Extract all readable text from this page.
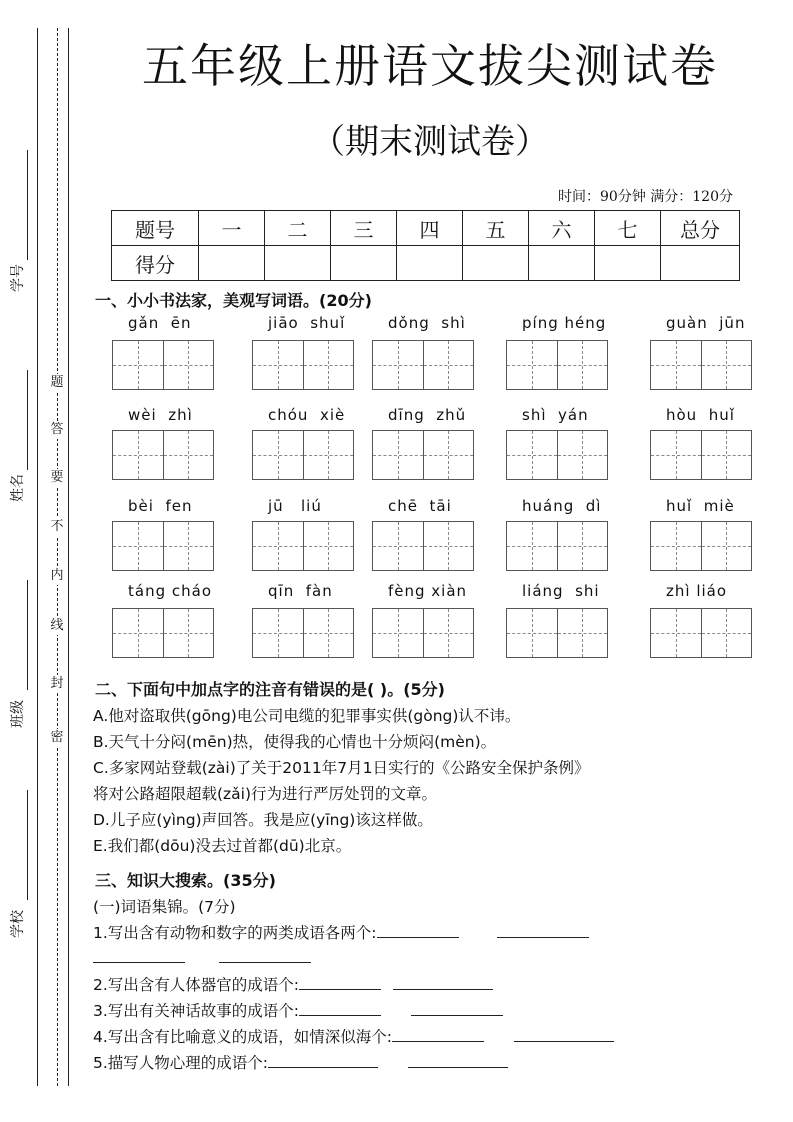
题
答
要
不
内
线
封
密
学号
姓名
班级
学校
五年级上册语文拔尖测试卷
（期末测试卷）
时间：90分钟 满分：120分
题号	一	二	三	四	五	六	七	总分
得分								
一、小小书法家，美观写词语。(20分)
gǎn  ēn	jiāo  shuǐ	dǒng  shì	píng héng	guàn  jūn
wèi  zhì	chóu  xiè	dīng  zhǔ	shì  yán	hòu  huǐ
bèi  fen	jū   liú	chē  tāi	huáng  dì	huǐ  miè
táng cháo	qīn  fàn	fèng xiàn	liáng  shi	zhì liáo
二、下面句中加点字的注音有错误的是( )。(5分)
A.他对盗取供(gōng)电公司电缆的犯罪事实供(gòng)认不讳。
B.天气十分闷(mēn)热，使得我的心情也十分烦闷(mèn)。
C.多家网站登载(zài)了关于2011年7月1日实行的《公路安全保护条例》
将对公路超限超载(zǎi)行为进行严厉处罚的文章。
D.儿子应(yìng)声回答。我是应(yīng)该这样做。
E.我们都(dōu)没去过首都(dū)北京。
三、知识大搜索。(35分)
(一)词语集锦。(7分)
1.写出含有动物和数字的两类成语各两个:
2.写出含有人体器官的成语个:
3.写出有关神话故事的成语个:
4.写出含有比喻意义的成语，如情深似海个:
5.描写人物心理的成语个:
